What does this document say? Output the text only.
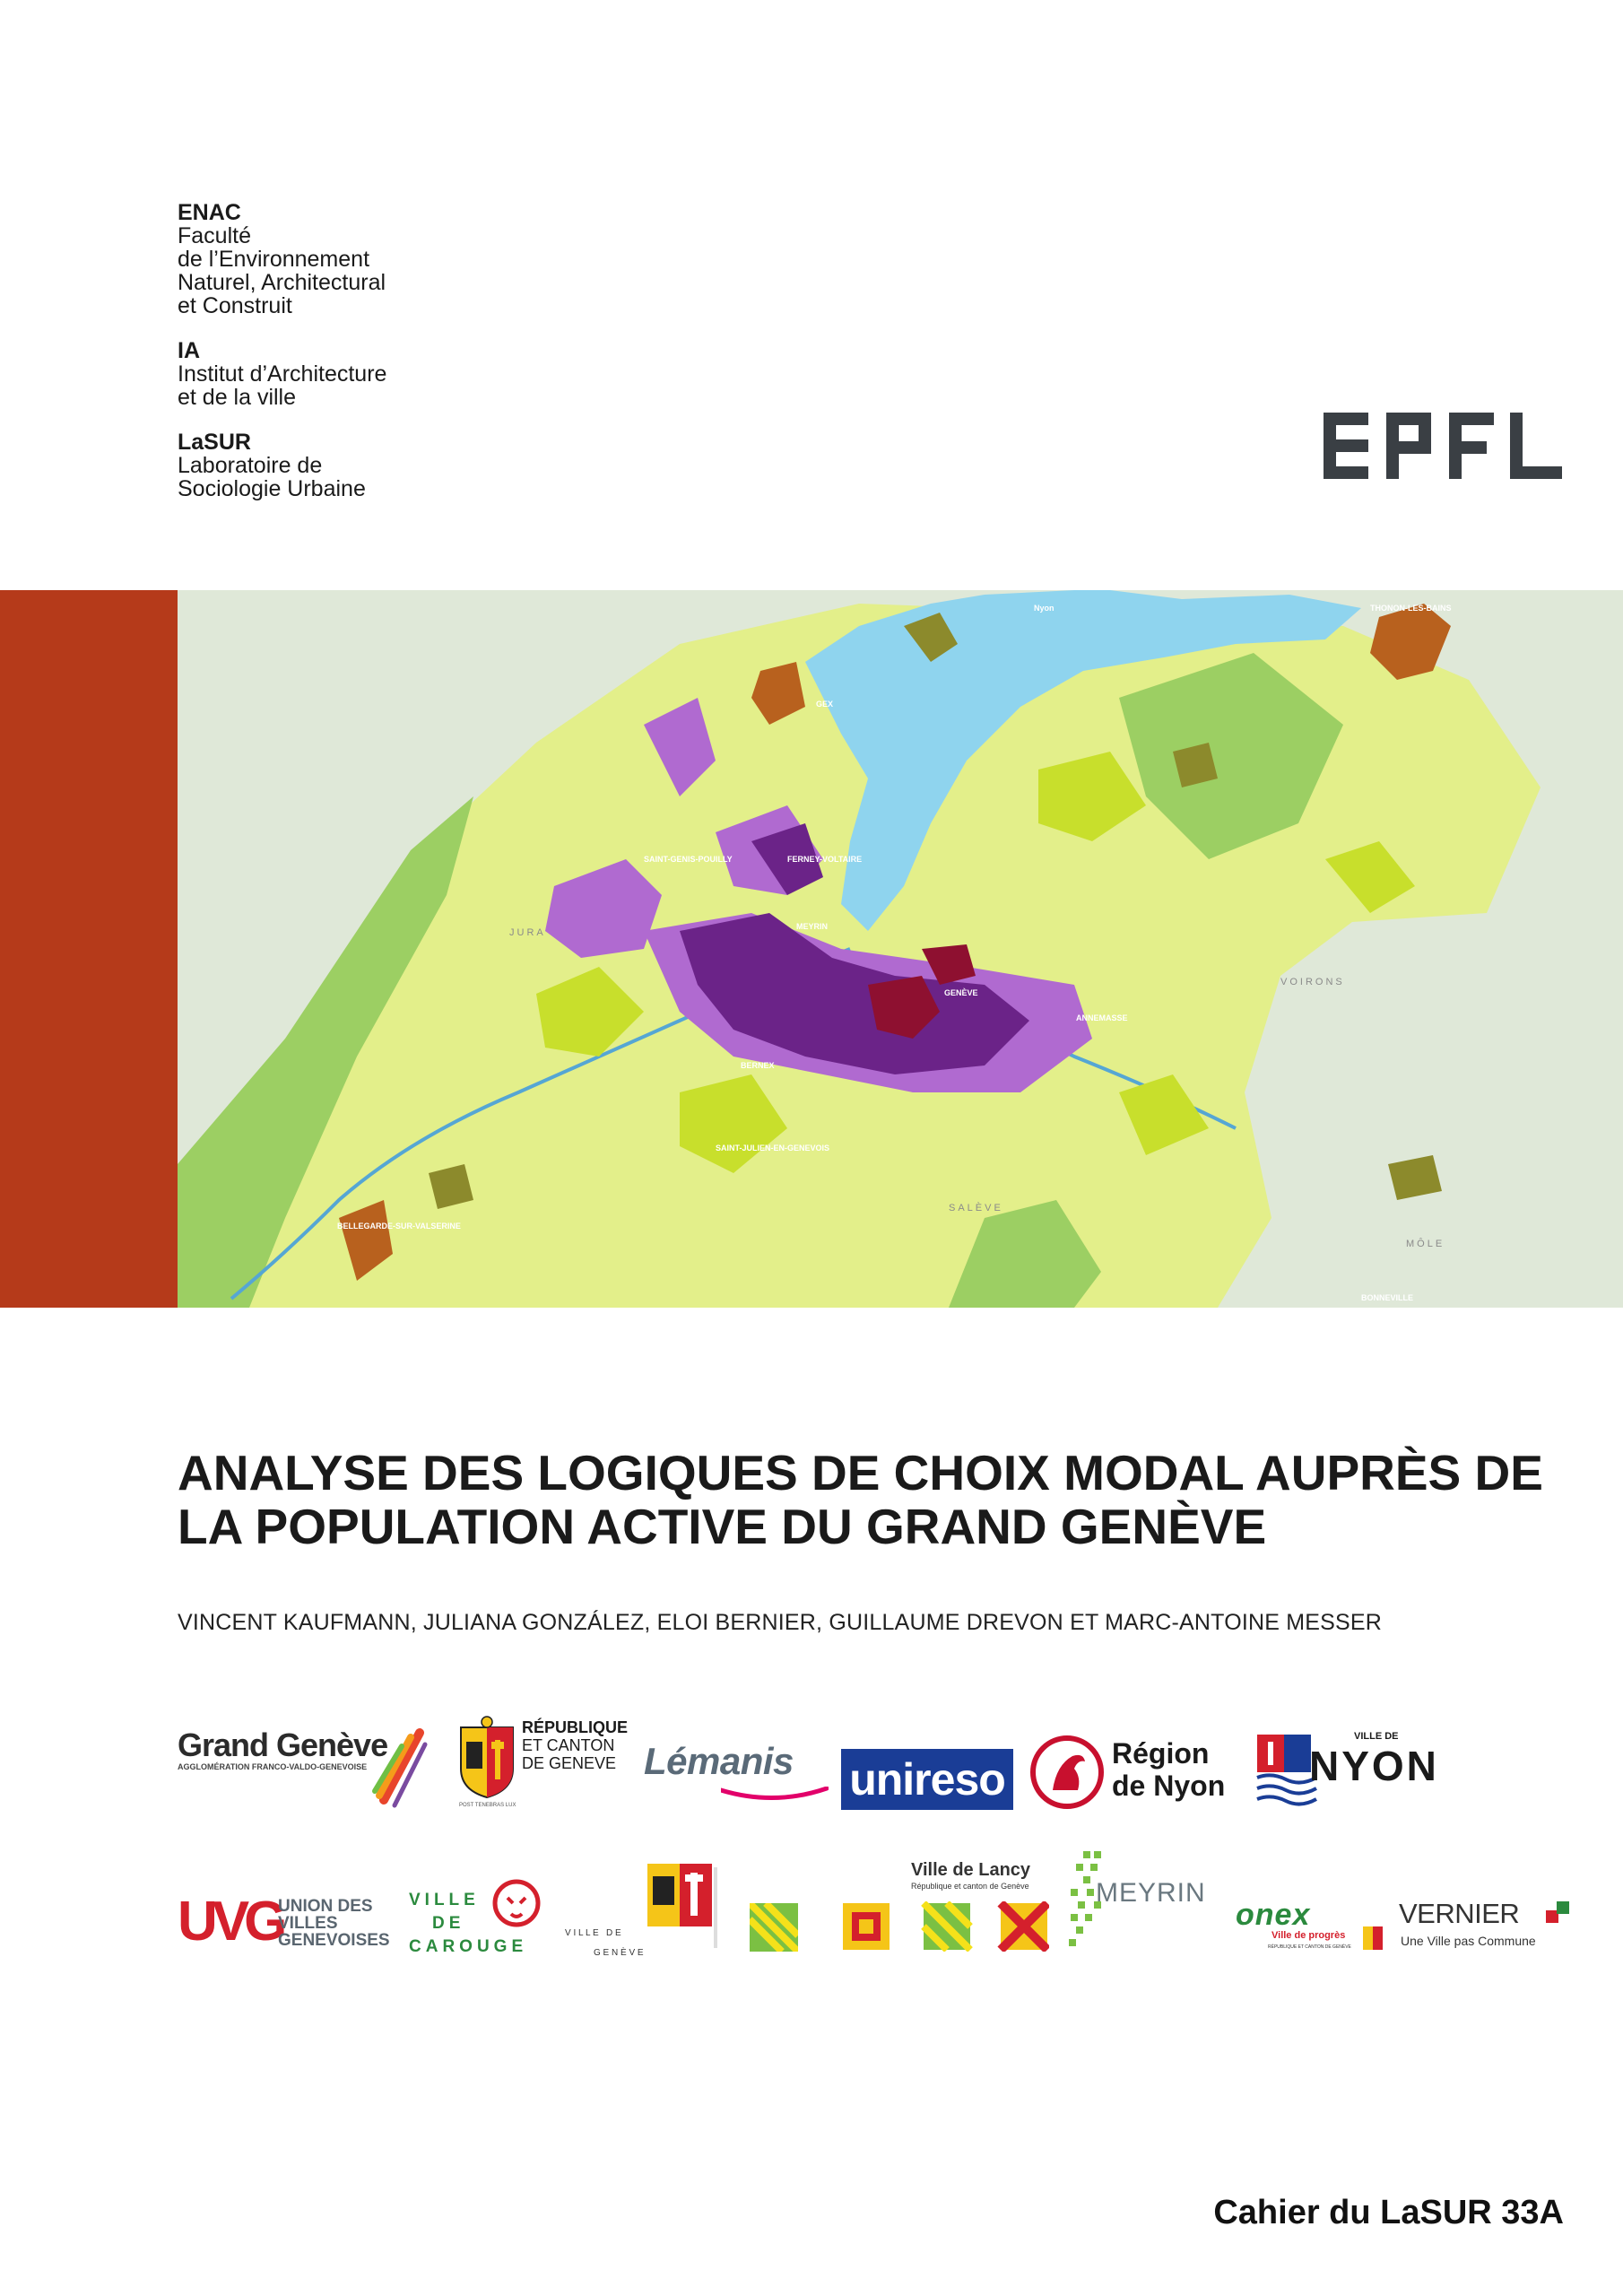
ENAC
Faculté
de l’Environnement
Naturel, Architectural
et Construit
IA
Institut d’Architecture
et de la ville
LaSUR
Laboratoire de
Sociologie Urbaine
THONON-LES-BAINS
Nyon
GEX
SAINT-GENIS-POUILLY	FERNEY-VOLTAIRE
MEYRIN
GENÈVE
ANNEMASSE
BERNEX
SAINT-JULIEN-EN-GENEVOIS
BELLEGARDE-SUR-VALSERINE
BONNEVILLE
JURA
SALÈVE
VOIRONS
MÔLE
ANALYSE DES LOGIQUES DE CHOIX MODAL AUPRÈS DE
LA POPULATION ACTIVE DU GRAND GENÈVE
VINCENT KAUFMANN, JULIANA GONZÁLEZ, ELOI BERNIER, GUILLAUME DREVON ET MARC-ANTOINE MESSER
Grand Genève
AGGLOMÉRATION FRANCO-VALDO-GENEVOISE
RÉPUBLIQUE
ET CANTON
DE GENEVE
POST TENEBRAS LUX
Lémanis	unireso
Région
de Nyon
VILLE DE
NYON
UVG
UNION DES
VILLES
GENEVOISES
VILLE
DE
CAROUGE
V I L L E   D E
G E N È V E
Ville de Lancy
République et canton de Genève MEYRIN
onex
Ville de progrès
RÉPUBLIQUE ET CANTON DE GENÈVE
VERNIER
Une Ville pas Commune
Cahier du LaSUR 33A
